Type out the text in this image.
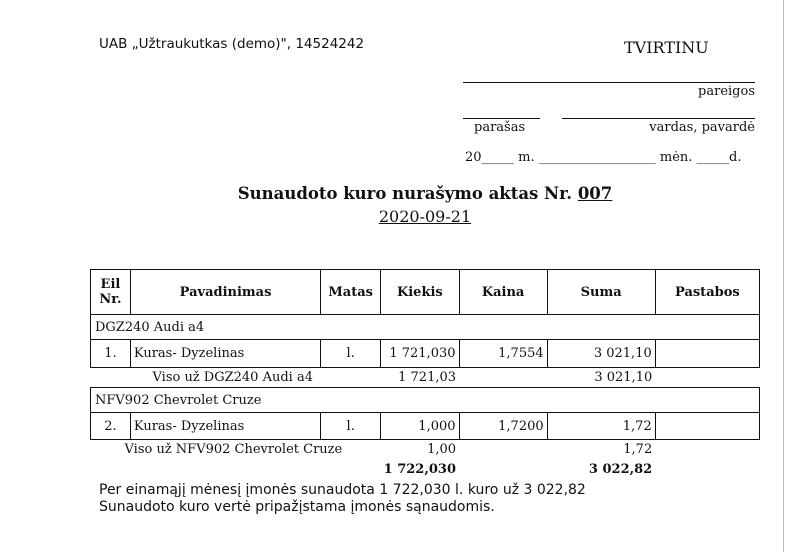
UAB „Užtraukutkas (demo)", 14524242	TVIRTINU
pareigos
parašas	vardas, pavardė
20_____ m. __________________ mėn. _____d.
Sunaudoto kuro nurašymo aktas Nr. 007
2020-09-21
Eil
Nr.	Pavadinimas	Matas	Kiekis	Kaina	Suma	Pastabos
DGZ240 Audi a4						
1.	Kuras- Dyzelinas	l.	1 721,030	1,7554	3 021,10	
Viso už DGZ240 Audi a4			1 721,03		3 021,10	
NFV902 Chevrolet Cruze						
2.	Kuras- Dyzelinas	l.	1,000	1,7200	1,72	
Viso už NFV902 Chevrolet Cruze			1,00		1,72	
			1 722,030		3 022,82	
Per einamąjį mėnesį įmonės sunaudota 1 722,030 l. kuro už 3 022,82
Sunaudoto kuro vertė pripažįstama įmonės sąnaudomis.
